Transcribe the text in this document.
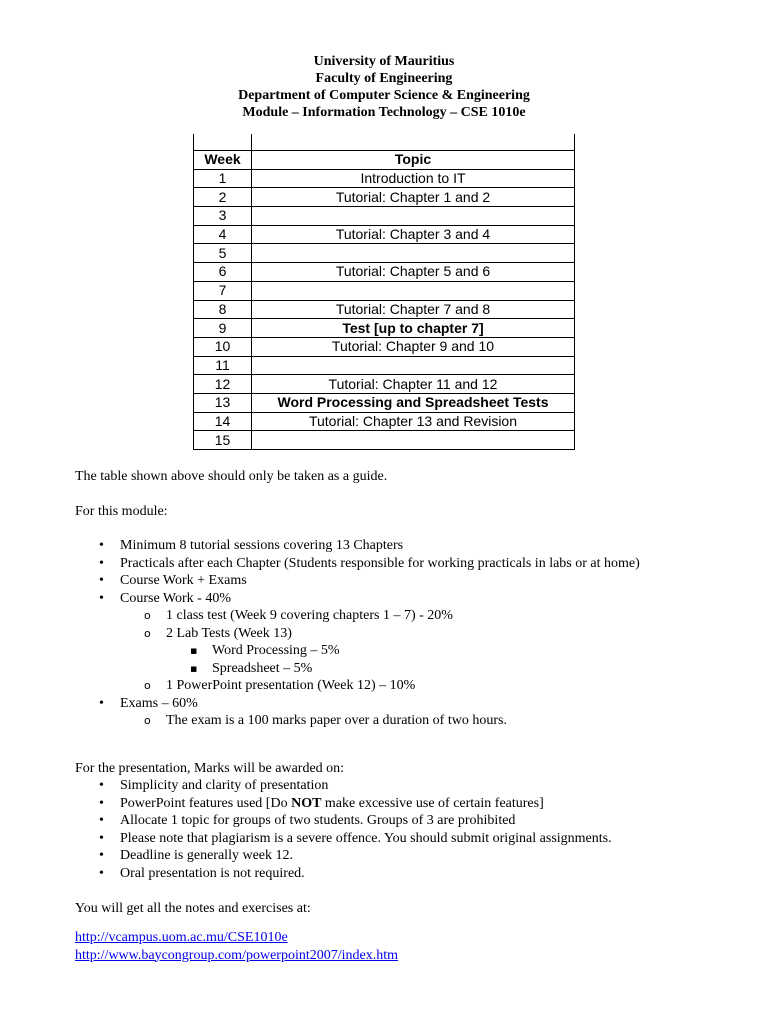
University of Mauritius
Faculty of Engineering
Department of Computer Science & Engineering
Module – Information Technology – CSE 1010e

Week	Topic
1	Introduction to IT
2	Tutorial: Chapter 1 and 2
3	
4	Tutorial: Chapter 3 and 4
5	
6	Tutorial: Chapter 5 and 6
7	
8	Tutorial: Chapter 7 and 8
9	Test [up to chapter 7]
10	Tutorial: Chapter 9 and 10
11	
12	Tutorial: Chapter 11 and 12
13	Word Processing and Spreadsheet Tests
14	Tutorial: Chapter 13 and Revision
15	
The table shown above should only be taken as a guide.
For this module:
• Minimum 8 tutorial sessions covering 13 Chapters
• Practicals after each Chapter (Students responsible for working practicals in labs or at home)
• Course Work + Exams
• Course Work - 40%
o 1 class test (Week 9 covering chapters 1 – 7) - 20%
o 2 Lab Tests (Week 13)
▪ Word Processing – 5%
▪ Spreadsheet – 5%
o 1 PowerPoint presentation (Week 12) – 10%
• Exams – 60%
o The exam is a 100 marks paper over a duration of two hours.
For the presentation, Marks will be awarded on:
• Simplicity and clarity of presentation
• PowerPoint features used [Do NOT make excessive use of certain features]
• Allocate 1 topic for groups of two students. Groups of 3 are prohibited
• Please note that plagiarism is a severe offence. You should submit original assignments.
• Deadline is generally week 12.
• Oral presentation is not required.
You will get all the notes and exercises at:
http://vcampus.uom.ac.mu/CSE1010e
http://www.baycongroup.com/powerpoint2007/index.htm
